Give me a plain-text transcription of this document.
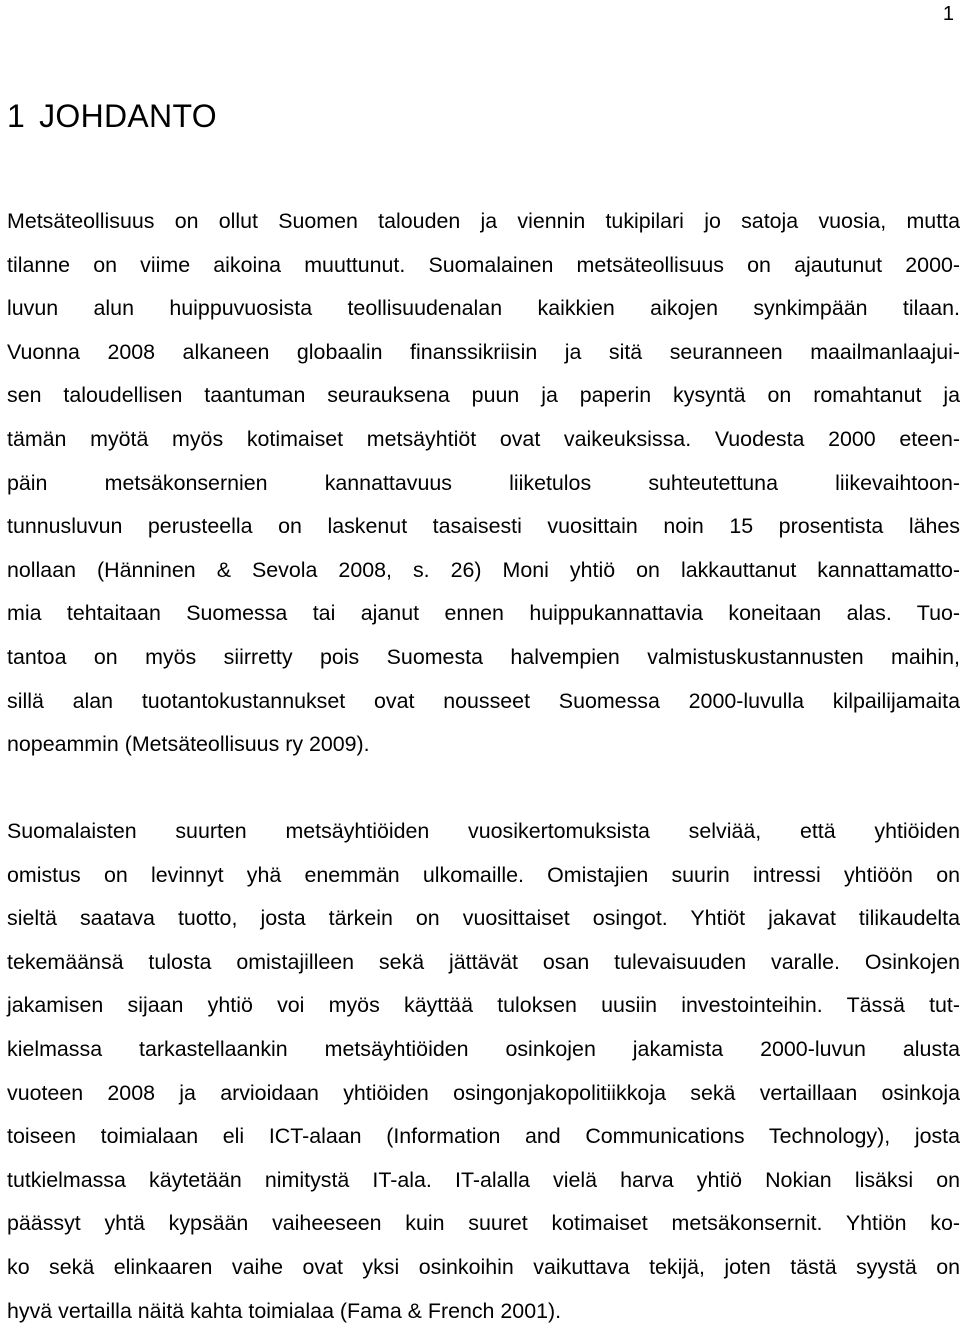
1
1 JOHDANTO
Metsäteollisuus on ollut Suomen talouden ja viennin tukipilari jo satoja vuosia, mutta
tilanne on viime aikoina muuttunut. Suomalainen metsäteollisuus on ajautunut 2000-
luvun alun huippuvuosista teollisuudenalan kaikkien aikojen synkimpään tilaan.
Vuonna 2008 alkaneen globaalin finanssikriisin ja sitä seuranneen maailmanlaajui-
sen taloudellisen taantuman seurauksena puun ja paperin kysyntä on romahtanut ja
tämän myötä myös kotimaiset metsäyhtiöt ovat vaikeuksissa. Vuodesta 2000 eteen-
päin metsäkonsernien kannattavuus liiketulos suhteutettuna liikevaihtoon-
tunnusluvun perusteella on laskenut tasaisesti vuosittain noin 15 prosentista lähes
nollaan (Hänninen & Sevola 2008, s. 26) Moni yhtiö on lakkauttanut kannattamatto-
mia tehtaitaan Suomessa tai ajanut ennen huippukannattavia koneitaan alas. Tuo-
tantoa on myös siirretty pois Suomesta halvempien valmistuskustannusten maihin,
sillä alan tuotantokustannukset ovat nousseet Suomessa 2000-luvulla kilpailijamaita
nopeammin (Metsäteollisuus ry 2009).
Suomalaisten suurten metsäyhtiöiden vuosikertomuksista selviää, että yhtiöiden
omistus on levinnyt yhä enemmän ulkomaille. Omistajien suurin intressi yhtiöön on
sieltä saatava tuotto, josta tärkein on vuosittaiset osingot. Yhtiöt jakavat tilikaudelta
tekemäänsä tulosta omistajilleen sekä jättävät osan tulevaisuuden varalle. Osinkojen
jakamisen sijaan yhtiö voi myös käyttää tuloksen uusiin investointeihin. Tässä tut-
kielmassa tarkastellaankin metsäyhtiöiden osinkojen jakamista 2000-luvun alusta
vuoteen 2008 ja arvioidaan yhtiöiden osingonjakopolitiikkoja sekä vertaillaan osinkoja
toiseen toimialaan eli ICT-alaan (Information and Communications Technology), josta
tutkielmassa käytetään nimitystä IT-ala. IT-alalla vielä harva yhtiö Nokian lisäksi on
päässyt yhtä kypsään vaiheeseen kuin suuret kotimaiset metsäkonsernit. Yhtiön ko-
ko sekä elinkaaren vaihe ovat yksi osinkoihin vaikuttava tekijä, joten tästä syystä on
hyvä vertailla näitä kahta toimialaa (Fama & French 2001).
